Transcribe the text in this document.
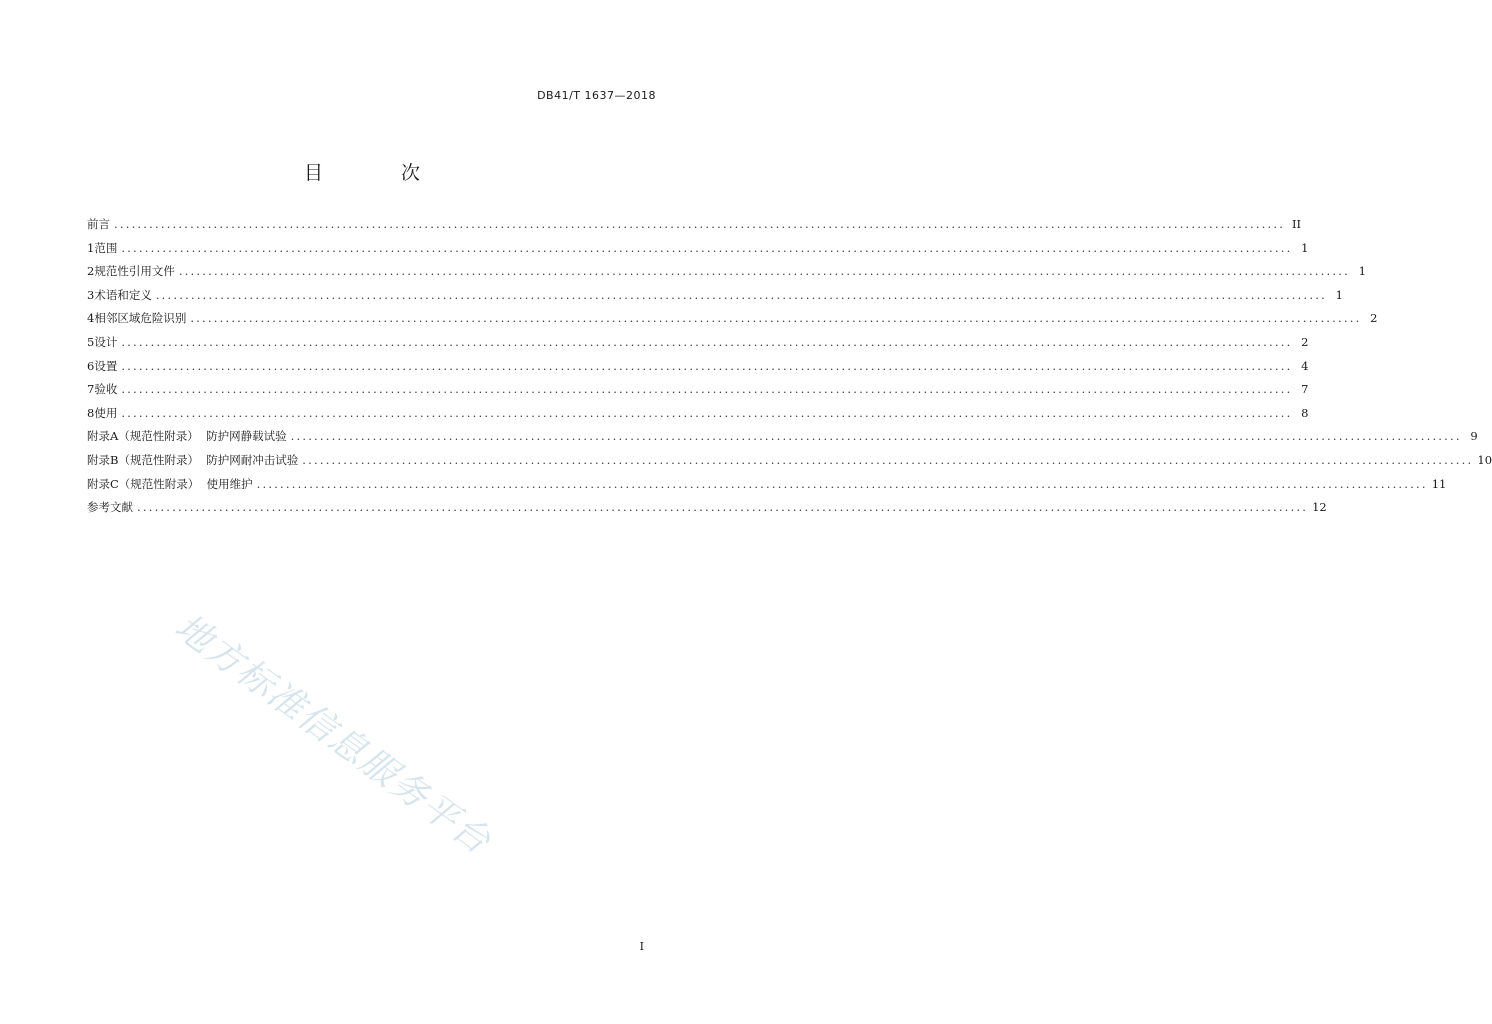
DB41/T 1637—2018
目 次
前言 ........................................................................................................................................................................................................ II
1 范围 ........................................................................................................................................................................................................ 1
2 规范性引用文件 ........................................................................................................................................................................................................ 1
3 术语和定义 ........................................................................................................................................................................................................ 1
4 相邻区域危险识别 ........................................................................................................................................................................................................ 2
5 设计 ........................................................................................................................................................................................................ 2
6 设置 ........................................................................................................................................................................................................ 4
7 验收 ........................................................................................................................................................................................................ 7
8 使用 ........................................................................................................................................................................................................ 8
附录A（规范性附录）  防护网静载试验 ........................................................................................................................................................................................................ 9
附录B（规范性附录）  防护网耐冲击试验 ........................................................................................................................................................................................................ 10
附录C（规范性附录）  使用维护 ........................................................................................................................................................................................................ 11
参考文献 ........................................................................................................................................................................................................ 12
地方标准信息服务平台
I
